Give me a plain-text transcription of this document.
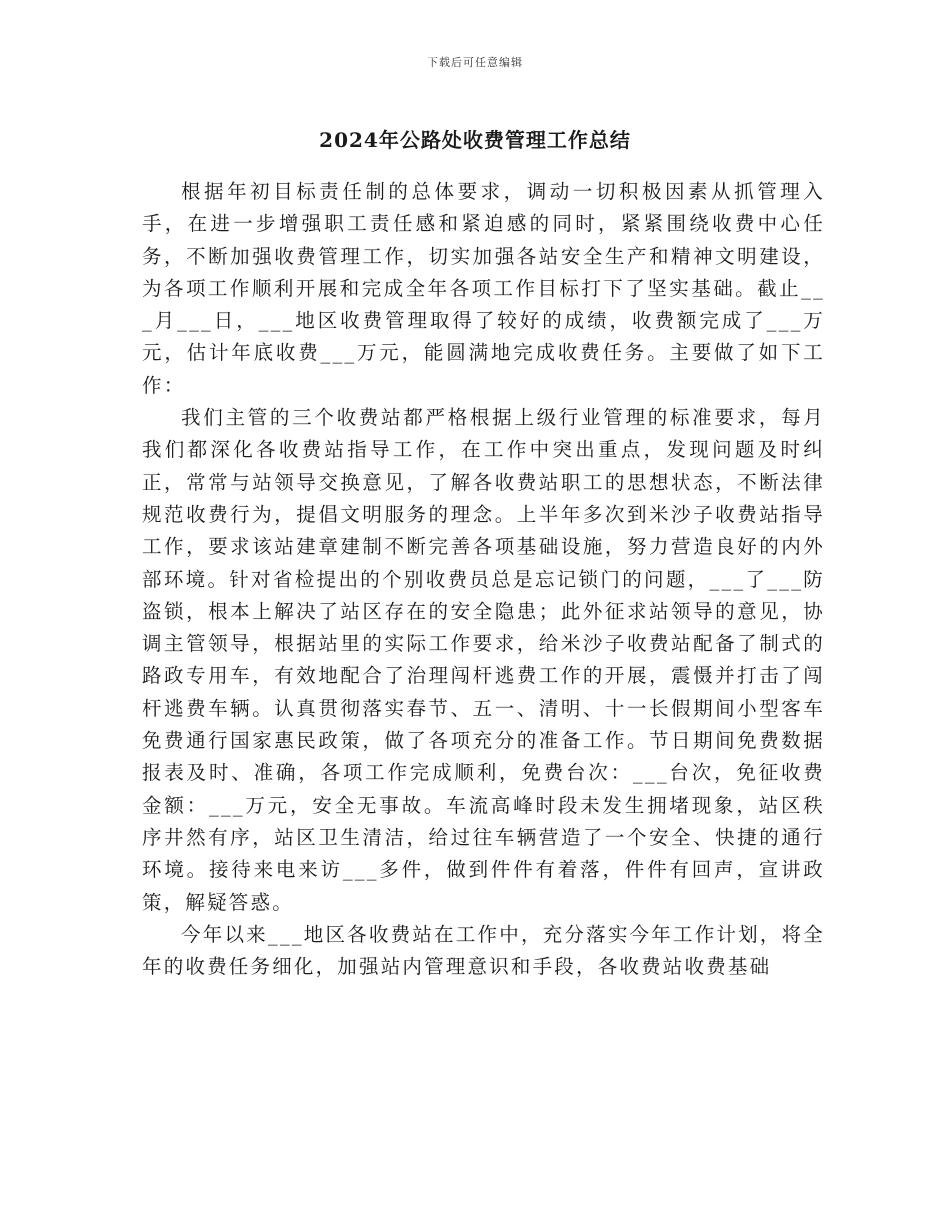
下载后可任意编辑
2024年公路处收费管理工作总结

根据年初目标责任制的总体要求，调动一切积极因素从抓管理入手，在进一步增强职工责任感和紧迫感的同时，紧紧围绕收费中心任务，不断加强收费管理工作，切实加强各站安全生产和精神文明建设，为各项工作顺利开展和完成全年各项工作目标打下了坚实基础。截止___月___日，___地区收费管理取得了较好的成绩，收费额完成了___万元，估计年底收费___万元，能圆满地完成收费任务。主要做了如下工作：

我们主管的三个收费站都严格根据上级行业管理的标准要求，每月我们都深化各收费站指导工作，在工作中突出重点，发现问题及时纠正，常常与站领导交换意见，了解各收费站职工的思想状态，不断法律规范收费行为，提倡文明服务的理念。上半年多次到米沙子收费站指导工作，要求该站建章建制不断完善各项基础设施，努力营造良好的内外部环境。针对省检提出的个别收费员总是忘记锁门的问题，___了___防盗锁，根本上解决了站区存在的安全隐患；此外征求站领导的意见，协调主管领导，根据站里的实际工作要求，给米沙子收费站配备了制式的路政专用车，有效地配合了治理闯杆逃费工作的开展，震慑并打击了闯杆逃费车辆。认真贯彻落实春节、五一、清明、十一长假期间小型客车免费通行国家惠民政策，做了各项充分的准备工作。节日期间免费数据报表及时、准确，各项工作完成顺利，免费台次：___台次，免征收费金额：___万元，安全无事故。车流高峰时段未发生拥堵现象，站区秩序井然有序，站区卫生清洁，给过往车辆营造了一个安全、快捷的通行环境。接待来电来访___多件，做到件件有着落，件件有回声，宣讲政策，解疑答惑。

今年以来___地区各收费站在工作中，充分落实今年工作计划，将全年的收费任务细化，加强站内管理意识和手段，各收费站收费基础
